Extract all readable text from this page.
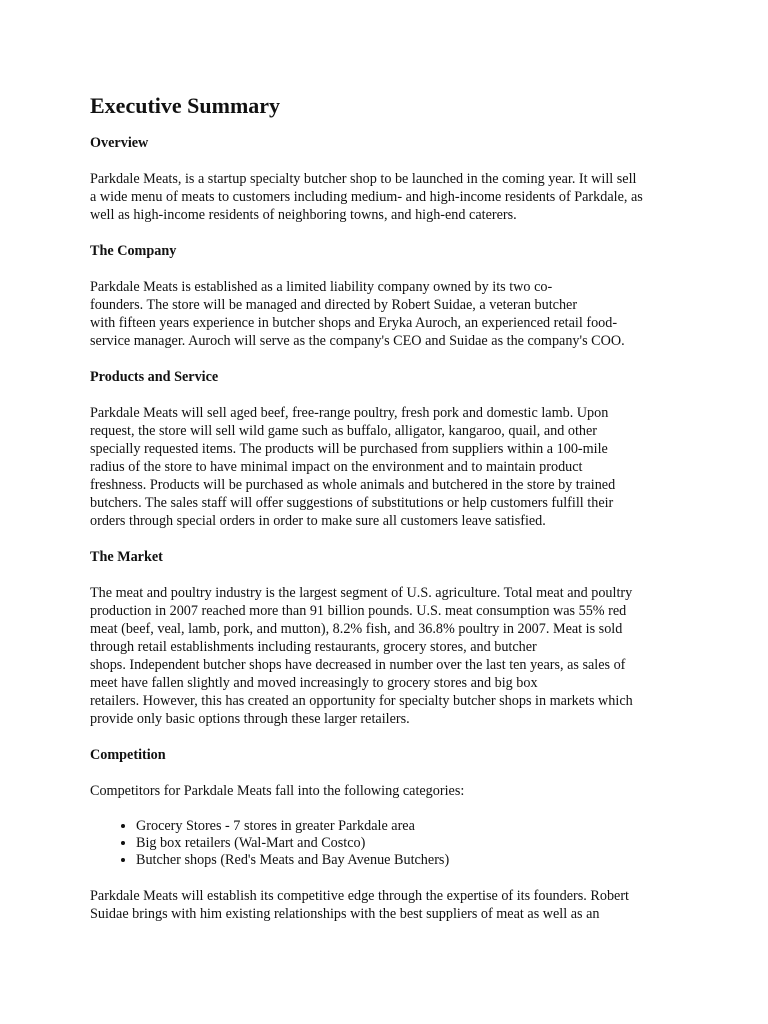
Executive Summary
Overview

Parkdale Meats, is a startup specialty butcher shop to be launched in the coming year. It will sell
a wide menu of meats to customers including medium- and high-income residents of Parkdale, as
well as high-income residents of neighboring towns, and high-end caterers.

The Company

Parkdale Meats is established as a limited liability company owned by its two co-
founders. The store will be managed and directed by Robert Suidae, a veteran butcher
with fifteen years experience in butcher shops and Eryka Auroch, an experienced retail food-
service manager. Auroch will serve as the company's CEO and Suidae as the company's COO.

Products and Service

Parkdale Meats will sell aged beef, free-range poultry, fresh pork and domestic lamb. Upon
request, the store will sell wild game such as buffalo, alligator, kangaroo, quail, and other
specially requested items. The products will be purchased from suppliers within a 100-mile
radius of the store to have minimal impact on the environment and to maintain product
freshness. Products will be purchased as whole animals and butchered in the store by trained
butchers. The sales staff will offer suggestions of substitutions or help customers fulfill their
orders through special orders in order to make sure all customers leave satisfied.

The Market

The meat and poultry industry is the largest segment of U.S. agriculture. Total meat and poultry
production in 2007 reached more than 91 billion pounds. U.S. meat consumption was 55% red
meat (beef, veal, lamb, pork, and mutton), 8.2% fish, and 36.8% poultry in 2007. Meat is sold
through retail establishments including restaurants, grocery stores, and butcher
shops. Independent butcher shops have decreased in number over the last ten years, as sales of
meet have fallen slightly and moved increasingly to grocery stores and big box
retailers. However, this has created an opportunity for specialty butcher shops in markets which
provide only basic options through these larger retailers.

Competition

Competitors for Parkdale Meats fall into the following categories:

• Grocery Stores - 7 stores in greater Parkdale area
• Big box retailers (Wal-Mart and Costco)
• Butcher shops (Red's Meats and Bay Avenue Butchers)

Parkdale Meats will establish its competitive edge through the expertise of its founders. Robert
Suidae brings with him existing relationships with the best suppliers of meat as well as an
